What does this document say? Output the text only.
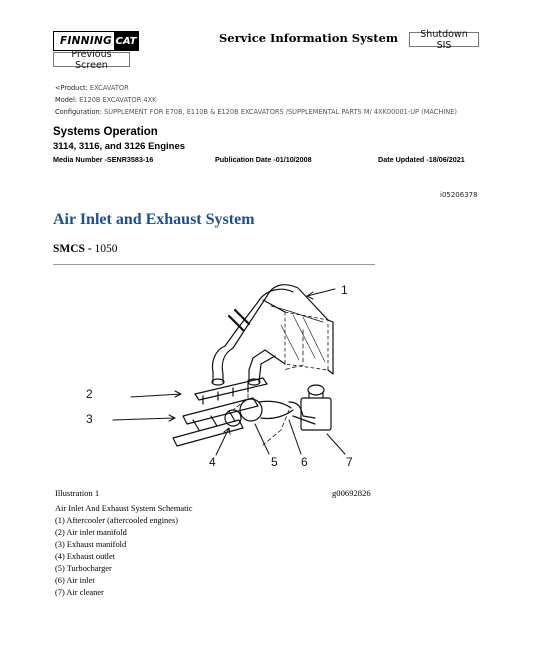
FINNING CAT	Service Information System	Shutdown SIS
Previous Screen
<Product: EXCAVATOR
Model: E120B EXCAVATOR 4XK
Configuration: SUPPLEMENT FOR E70B, E110B & E120B EXCAVATORS /SUPPLEMENTAL PARTS M/ 4XK00001-UP (MACHINE)
Systems Operation
3114, 3116, and 3126 Engines
Media Number -SENR3583-16	Publication Date -01/10/2008	Date Updated -18/06/2021
i05206378
Air Inlet and Exhaust System
SMCS - 1050
1
2
3
4	5 6	7
Illustration 1	g00692826
Air Inlet And Exhaust System Schematic
(1) Aftercooler (aftercooled engines)
(2) Air inlet manifold
(3) Exhaust manifold
(4) Exhaust outlet
(5) Turbocharger
(6) Air inlet
(7) Air cleaner
